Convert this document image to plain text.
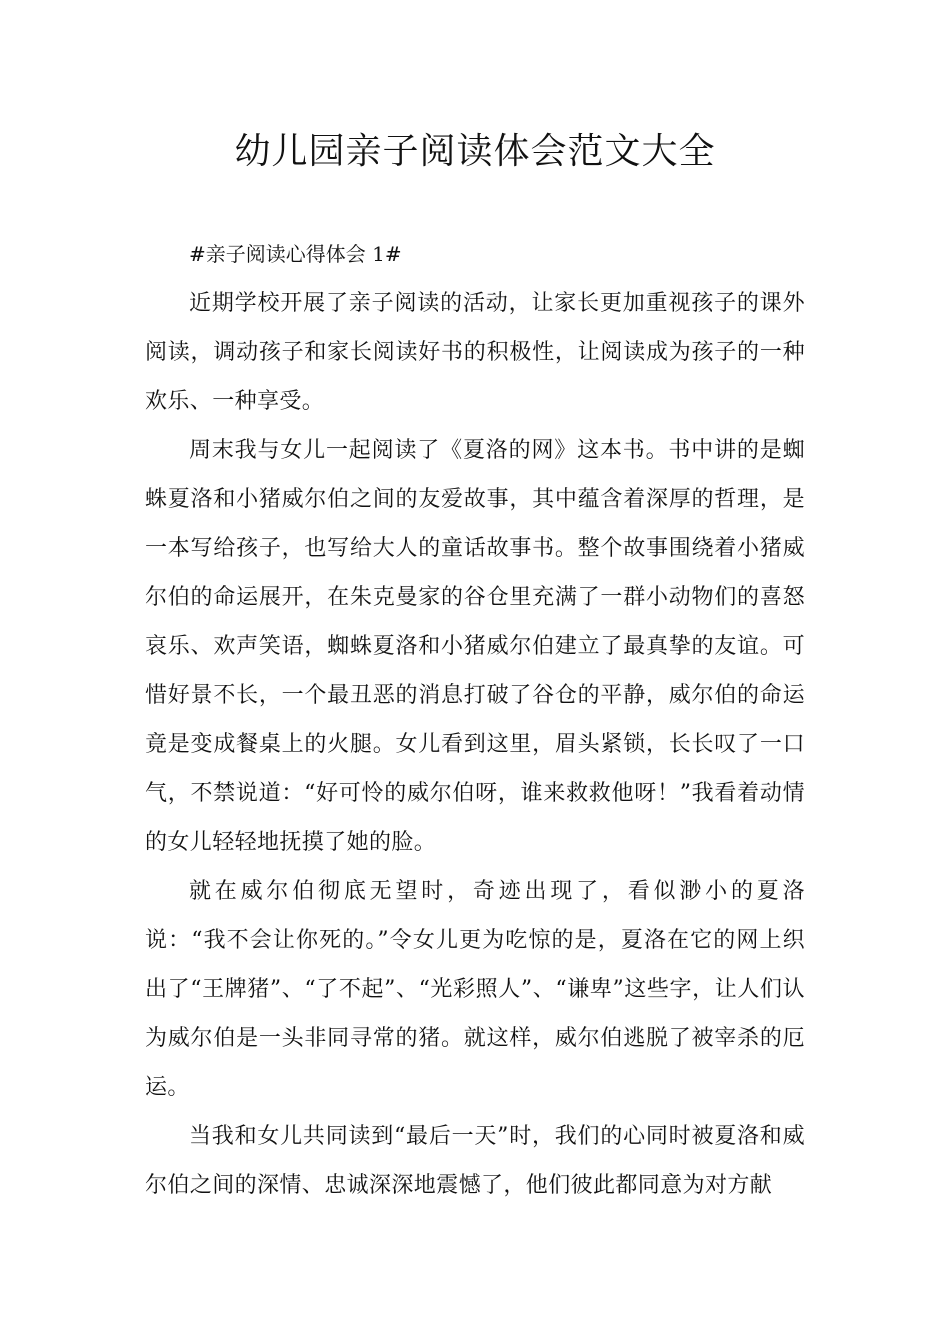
幼儿园亲子阅读体会范文大全

#亲子阅读心得体会 1#

近期学校开展了亲子阅读的活动，让家长更加重视孩子的课外阅读，调动孩子和家长阅读好书的积极性，让阅读成为孩子的一种欢乐、一种享受。

周末我与女儿一起阅读了《夏洛的网》这本书。书中讲的是蜘蛛夏洛和小猪威尔伯之间的友爱故事，其中蕴含着深厚的哲理，是一本写给孩子，也写给大人的童话故事书。整个故事围绕着小猪威尔伯的命运展开，在朱克曼家的谷仓里充满了一群小动物们的喜怒哀乐、欢声笑语，蜘蛛夏洛和小猪威尔伯建立了最真挚的友谊。可惜好景不长，一个最丑恶的消息打破了谷仓的平静，威尔伯的命运竟是变成餐桌上的火腿。女儿看到这里，眉头紧锁，长长叹了一口气，不禁说道：“好可怜的威尔伯呀，谁来救救他呀！”我看着动情的女儿轻轻地抚摸了她的脸。

就在威尔伯彻底无望时，奇迹出现了，看似渺小的夏洛说：“我不会让你死的。”令女儿更为吃惊的是，夏洛在它的网上织出了“王牌猪”、“了不起”、“光彩照人”、“谦卑”这些字，让人们认为威尔伯是一头非同寻常的猪。就这样，威尔伯逃脱了被宰杀的厄运。

当我和女儿共同读到“最后一天”时，我们的心同时被夏洛和威尔伯之间的深情、忠诚深深地震憾了，他们彼此都同意为对方献
